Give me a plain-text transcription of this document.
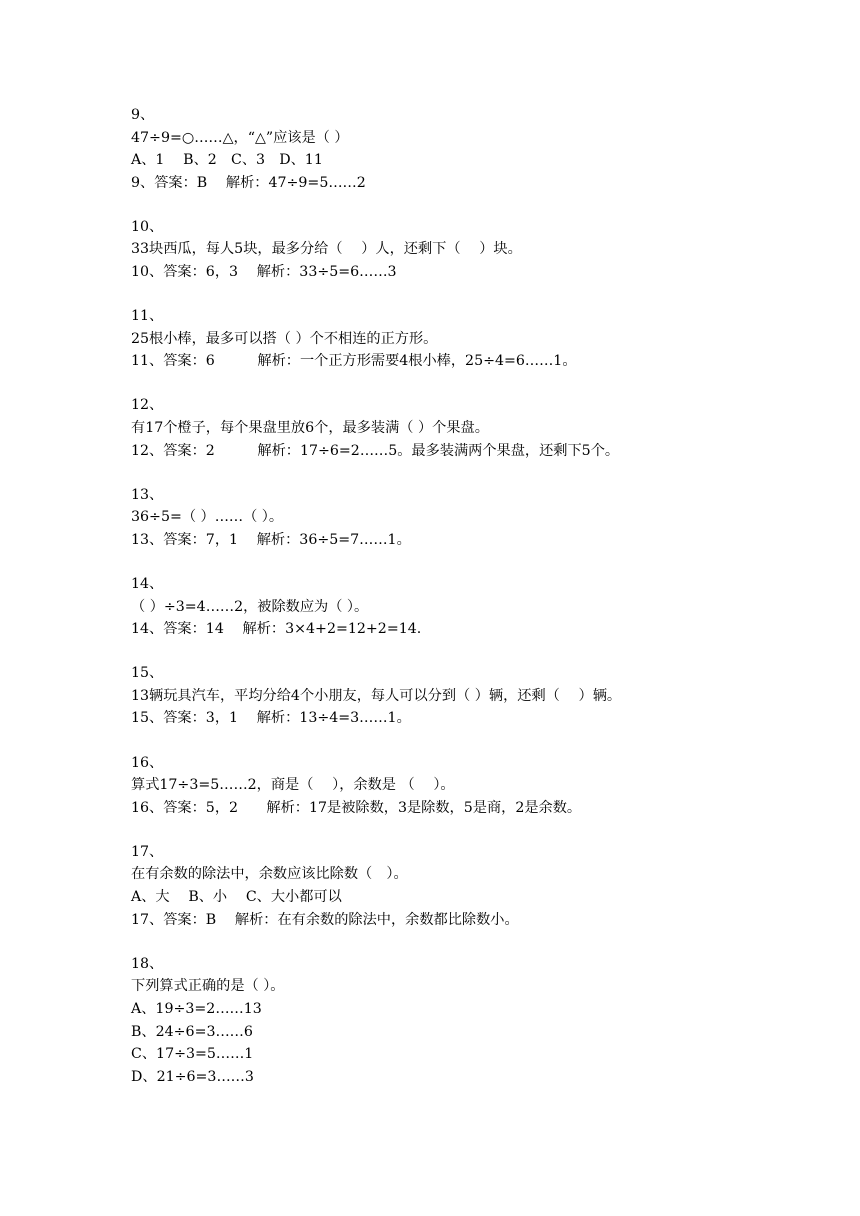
9、
47÷9=○……△，“△”应该是（ ）
A、1　 B、2　C、3　D、11
9、答案：B　 解析：47÷9=5……2
10、
33块西瓜，每人5块，最多分给（　 ）人，还剩下（　 ）块。
10、答案：6，3　 解析：33÷5=6……3
11、
25根小棒，最多可以搭（ ）个不相连的正方形。
11、答案：6　　　解析：一个正方形需要4根小棒，25÷4=6……1。
12、
有17个橙子，每个果盘里放6个，最多装满（ ）个果盘。
12、答案：2　　　解析：17÷6=2……5。最多装满两个果盘，还剩下5个。
13、
36÷5=（ ）……（ ）。
13、答案：7，1　 解析：36÷5=7……1。
14、
（ ）÷3=4……2，被除数应为（ ）。
14、答案：14　 解析：3×4+2=12+2=14.
15、
13辆玩具汽车，平均分给4个小朋友，每人可以分到（ ）辆，还剩（　 ）辆。
15、答案：3，1　 解析：13÷4=3……1。
16、
算式17÷3=5……2，商是（　 ），余数是 （　 ）。
16、答案：5，2　　解析：17是被除数，3是除数，5是商，2是余数。
17、
在有余数的除法中，余数应该比除数（　）。
A、大　 B、小　 C、大小都可以
17、答案：B　 解析：在有余数的除法中，余数都比除数小。
18、
下列算式正确的是（ ）。
A、19÷3=2……13
B、24÷6=3……6
C、17÷3=5……1
D、21÷6=3……3
